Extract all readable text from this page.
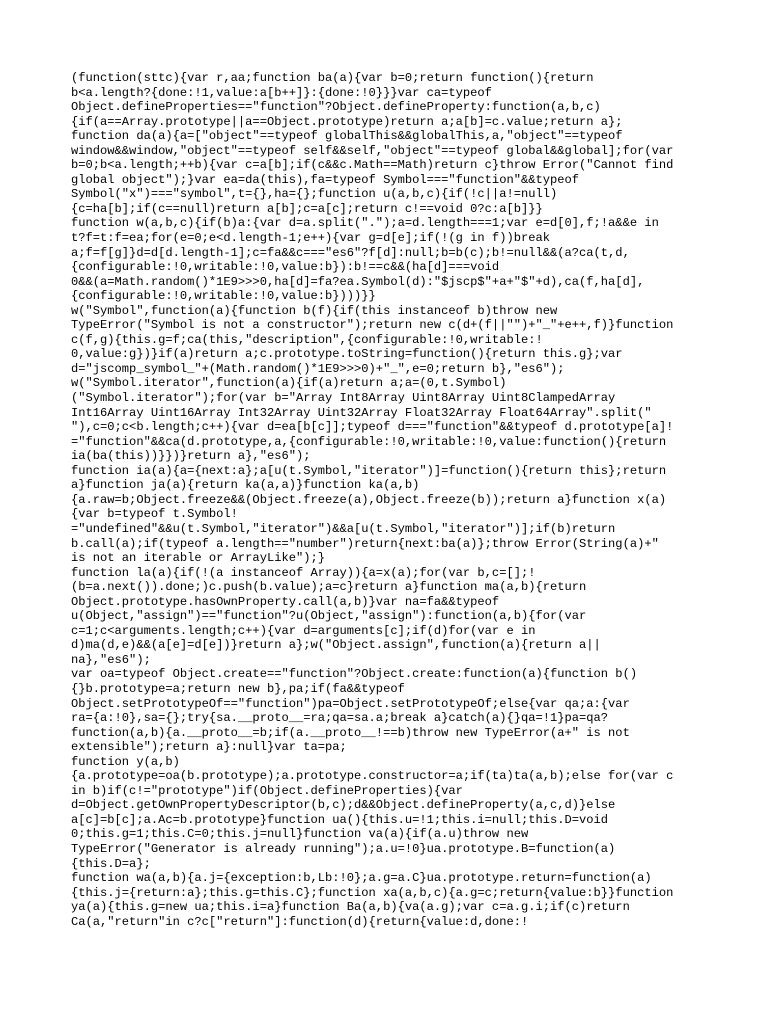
(function(sttc){var r,aa;function ba(a){var b=0;return function(){return
b<a.length?{done:!1,value:a[b++]}:{done:!0}}}var ca=typeof
Object.defineProperties=="function"?Object.defineProperty:function(a,b,c)
{if(a==Array.prototype||a==Object.prototype)return a;a[b]=c.value;return a};
function da(a){a=["object"==typeof globalThis&&globalThis,a,"object"==typeof
window&&window,"object"==typeof self&&self,"object"==typeof global&&global];for(var
b=0;b<a.length;++b){var c=a[b];if(c&&c.Math==Math)return c}throw Error("Cannot find
global object");}var ea=da(this),fa=typeof Symbol==="function"&&typeof
Symbol("x")==="symbol",t={},ha={};function u(a,b,c){if(!c||a!=null)
{c=ha[b];if(c==null)return a[b];c=a[c];return c!==void 0?c:a[b]}}
function w(a,b,c){if(b)a:{var d=a.split(".");a=d.length===1;var e=d[0],f;!a&&e in
t?f=t:f=ea;for(e=0;e<d.length-1;e++){var g=d[e];if(!(g in f))break
a;f=f[g]}d=d[d.length-1];c=fa&&c==="es6"?f[d]:null;b=b(c);b!=null&&(a?ca(t,d,
{configurable:!0,writable:!0,value:b}):b!==c&&(ha[d]===void
0&&(a=Math.random()*1E9>>>0,ha[d]=fa?ea.Symbol(d):"$jscp$"+a+"$"+d),ca(f,ha[d],
{configurable:!0,writable:!0,value:b})))}}
w("Symbol",function(a){function b(f){if(this instanceof b)throw new
TypeError("Symbol is not a constructor");return new c(d+(f||"")+"_"+e++,f)}function
c(f,g){this.g=f;ca(this,"description",{configurable:!0,writable:!
0,value:g})}if(a)return a;c.prototype.toString=function(){return this.g};var
d="jscomp_symbol_"+(Math.random()*1E9>>>0)+"_",e=0;return b},"es6");
w("Symbol.iterator",function(a){if(a)return a;a=(0,t.Symbol)
("Symbol.iterator");for(var b="Array Int8Array Uint8Array Uint8ClampedArray
Int16Array Uint16Array Int32Array Uint32Array Float32Array Float64Array".split("
"),c=0;c<b.length;c++){var d=ea[b[c]];typeof d==="function"&&typeof d.prototype[a]!
="function"&&ca(d.prototype,a,{configurable:!0,writable:!0,value:function(){return
ia(ba(this))}})}return a},"es6");
function ia(a){a={next:a};a[u(t.Symbol,"iterator")]=function(){return this};return
a}function ja(a){return ka(a,a)}function ka(a,b)
{a.raw=b;Object.freeze&&(Object.freeze(a),Object.freeze(b));return a}function x(a)
{var b=typeof t.Symbol!
="undefined"&&u(t.Symbol,"iterator")&&a[u(t.Symbol,"iterator")];if(b)return
b.call(a);if(typeof a.length=="number")return{next:ba(a)};throw Error(String(a)+"
is not an iterable or ArrayLike");}
function la(a){if(!(a instanceof Array)){a=x(a);for(var b,c=[];!
(b=a.next()).done;)c.push(b.value);a=c}return a}function ma(a,b){return
Object.prototype.hasOwnProperty.call(a,b)}var na=fa&&typeof
u(Object,"assign")=="function"?u(Object,"assign"):function(a,b){for(var
c=1;c<arguments.length;c++){var d=arguments[c];if(d)for(var e in
d)ma(d,e)&&(a[e]=d[e])}return a};w("Object.assign",function(a){return a||
na},"es6");
var oa=typeof Object.create=="function"?Object.create:function(a){function b()
{}b.prototype=a;return new b},pa;if(fa&&typeof
Object.setPrototypeOf=="function")pa=Object.setPrototypeOf;else{var qa;a:{var
ra={a:!0},sa={};try{sa.__proto__=ra;qa=sa.a;break a}catch(a){}qa=!1}pa=qa?
function(a,b){a.__proto__=b;if(a.__proto__!==b)throw new TypeError(a+" is not
extensible");return a}:null}var ta=pa;
function y(a,b)
{a.prototype=oa(b.prototype);a.prototype.constructor=a;if(ta)ta(a,b);else for(var c
in b)if(c!="prototype")if(Object.defineProperties){var
d=Object.getOwnPropertyDescriptor(b,c);d&&Object.defineProperty(a,c,d)}else
a[c]=b[c];a.Ac=b.prototype}function ua(){this.u=!1;this.i=null;this.D=void
0;this.g=1;this.C=0;this.j=null}function va(a){if(a.u)throw new
TypeError("Generator is already running");a.u=!0}ua.prototype.B=function(a)
{this.D=a};
function wa(a,b){a.j={exception:b,Lb:!0};a.g=a.C}ua.prototype.return=function(a)
{this.j={return:a};this.g=this.C};function xa(a,b,c){a.g=c;return{value:b}}function
ya(a){this.g=new ua;this.i=a}function Ba(a,b){va(a.g);var c=a.g.i;if(c)return
Ca(a,"return"in c?c["return"]:function(d){return{value:d,done:!
